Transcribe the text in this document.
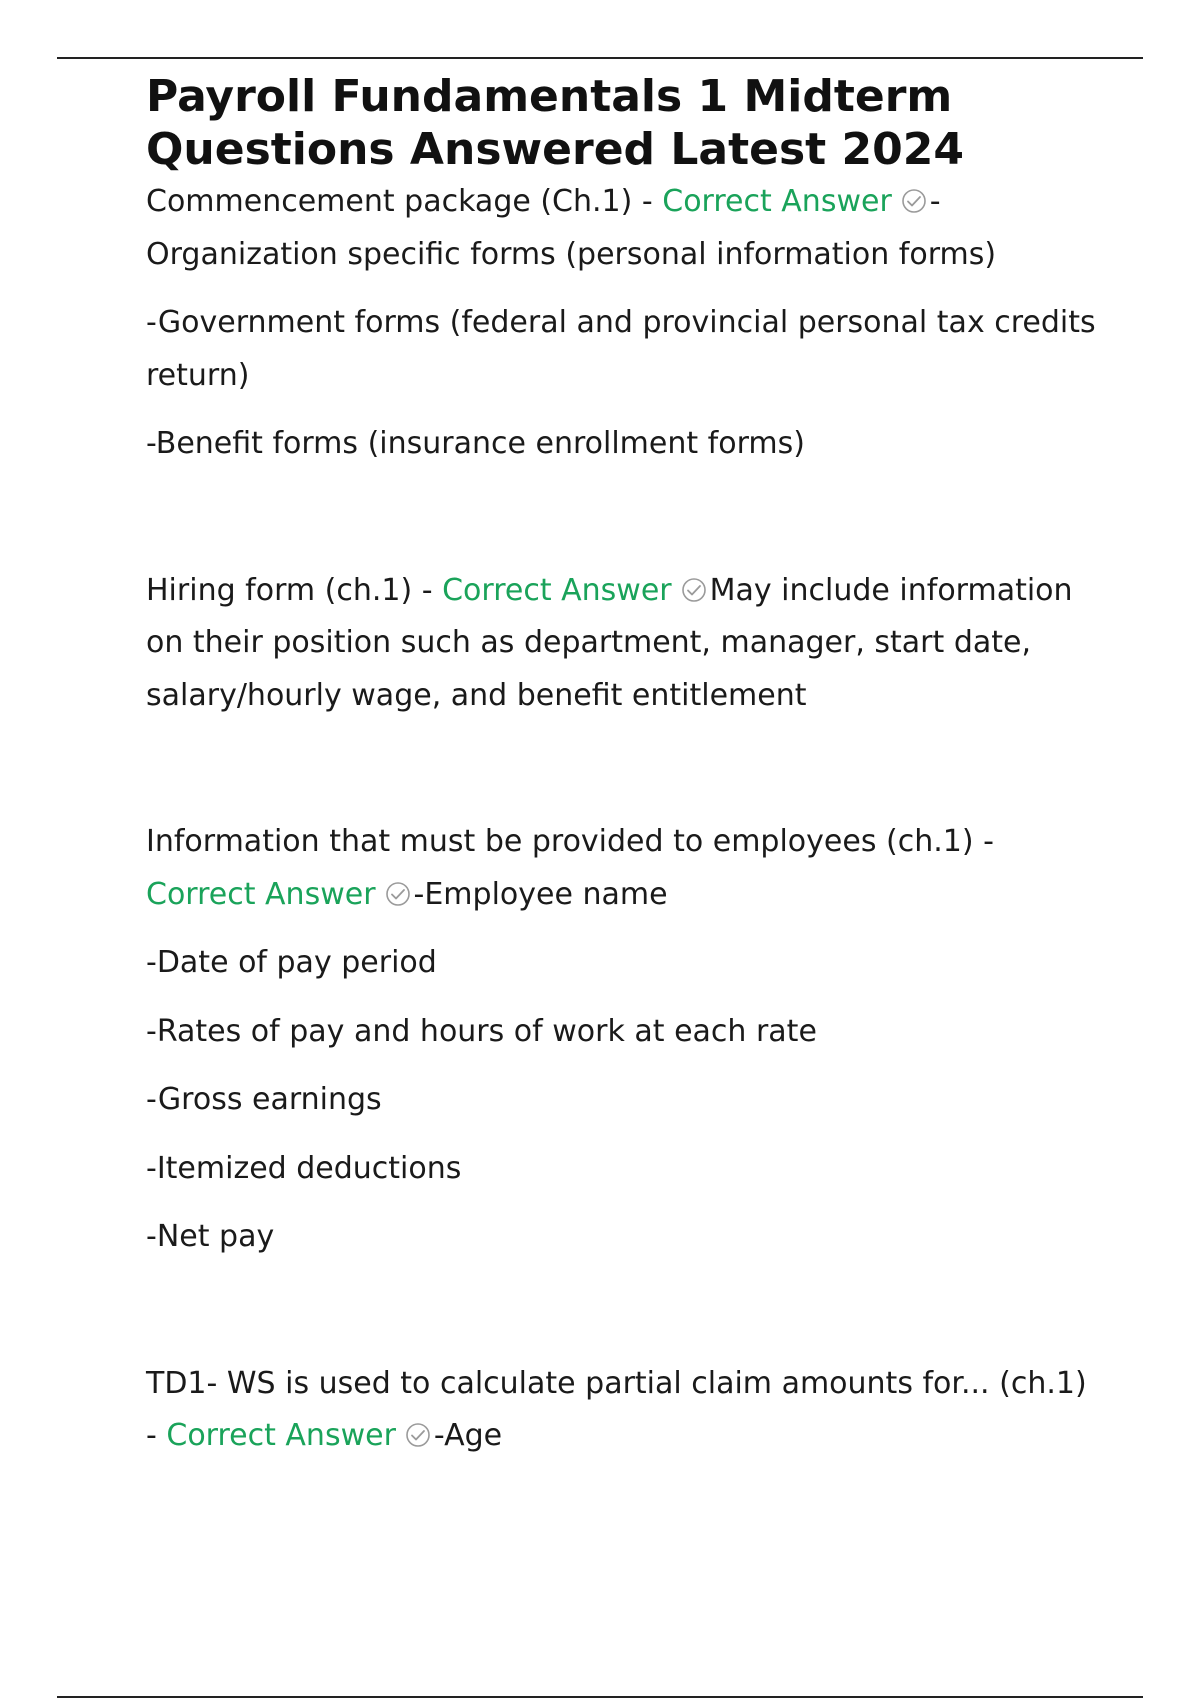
Payroll Fundamentals 1 Midterm Questions Answered Latest 2024

Commencement package (Ch.1) - Correct Answer -Organization specific forms (personal information forms)

-Government forms (federal and provincial personal tax credits return)

-Benefit forms (insurance enrollment forms)

Hiring form (ch.1) - Correct Answer May include information on their position such as department, manager, start date, salary/hourly wage, and benefit entitlement

Information that must be provided to employees (ch.1) - Correct Answer -Employee name

-Date of pay period

-Rates of pay and hours of work at each rate

-Gross earnings

-Itemized deductions

-Net pay

TD1- WS is used to calculate partial claim amounts for... (ch.1) - Correct Answer -Age
